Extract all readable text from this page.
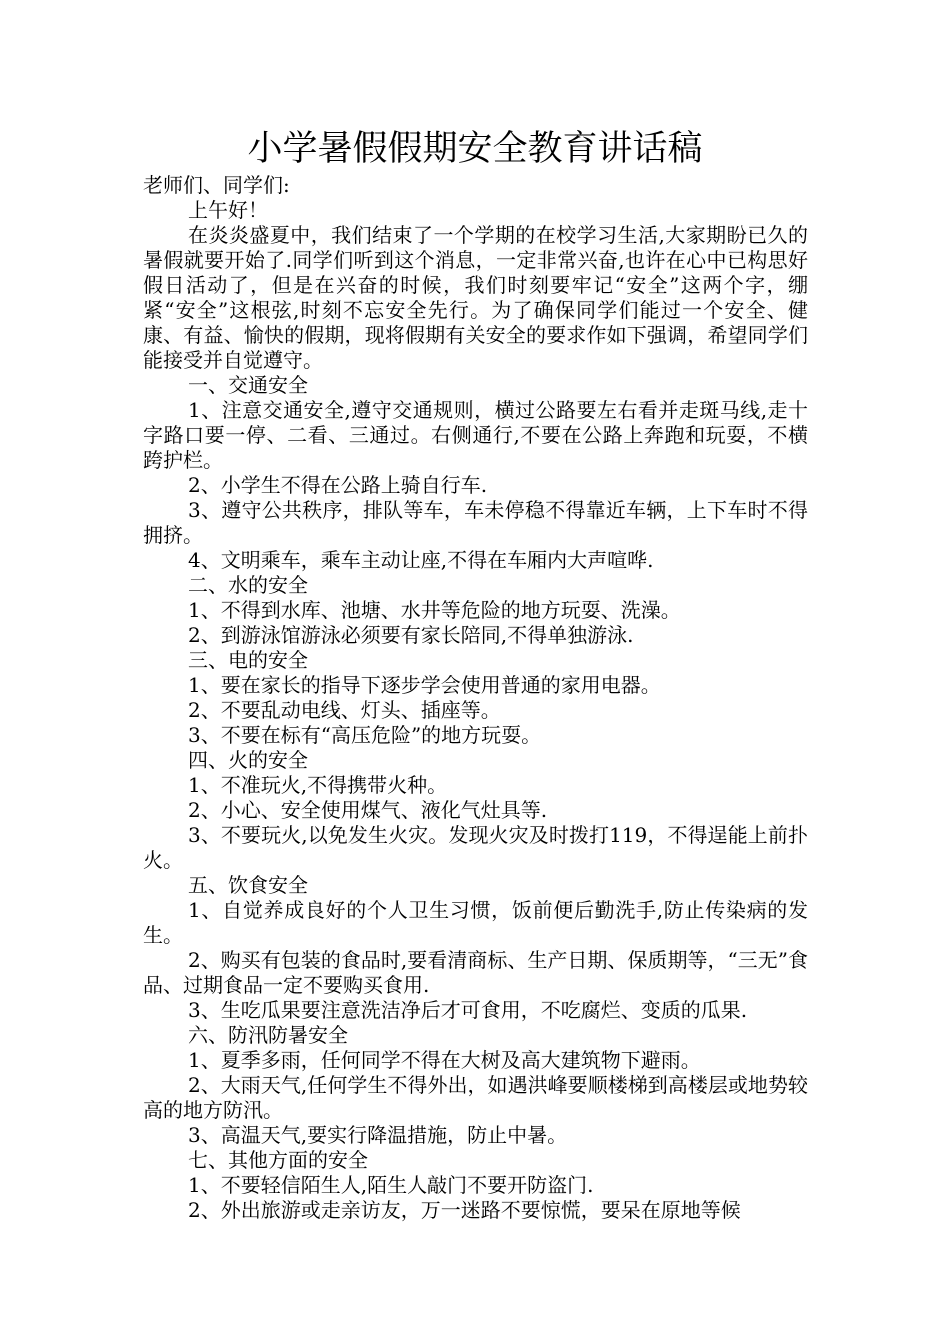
小学暑假假期安全教育讲话稿

老师们、同学们:

上午好！

在炎炎盛夏中，我们结束了一个学期的在校学习生活,大家期盼已久的暑假就要开始了.同学们听到这个消息，一定非常兴奋,也许在心中已构思好假日活动了，但是在兴奋的时候，我们时刻要牢记“安全”这两个字，绷紧“安全”这根弦,时刻不忘安全先行。为了确保同学们能过一个安全、健康、有益、愉快的假期，现将假期有关安全的要求作如下强调，希望同学们能接受并自觉遵守。

一、交通安全

1、注意交通安全,遵守交通规则，横过公路要左右看并走斑马线,走十字路口要一停、二看、三通过。右侧通行,不要在公路上奔跑和玩耍，不横跨护栏。

2、小学生不得在公路上骑自行车.

3、遵守公共秩序，排队等车，车未停稳不得靠近车辆，上下车时不得拥挤。

4、文明乘车，乘车主动让座,不得在车厢内大声喧哗.

二、水的安全

1、不得到水库、池塘、水井等危险的地方玩耍、洗澡。

2、到游泳馆游泳必须要有家长陪同,不得单独游泳.

三、电的安全

1、要在家长的指导下逐步学会使用普通的家用电器。

2、不要乱动电线、灯头、插座等。

3、不要在标有“高压危险”的地方玩耍。

四、火的安全

1、不准玩火,不得携带火种。

2、小心、安全使用煤气、液化气灶具等.

3、不要玩火,以免发生火灾。发现火灾及时拨打119，不得逞能上前扑火。

五、饮食安全

1、自觉养成良好的个人卫生习惯，饭前便后勤洗手,防止传染病的发生。

2、购买有包装的食品时,要看清商标、生产日期、保质期等，“三无”食品、过期食品一定不要购买食用.

3、生吃瓜果要注意洗洁净后才可食用，不吃腐烂、变质的瓜果.

六、防汛防暑安全

1、夏季多雨，任何同学不得在大树及高大建筑物下避雨。

2、大雨天气,任何学生不得外出，如遇洪峰要顺楼梯到高楼层或地势较高的地方防汛。

3、高温天气,要实行降温措施，防止中暑。

七、其他方面的安全

1、不要轻信陌生人,陌生人敲门不要开防盗门.

2、外出旅游或走亲访友，万一迷路不要惊慌，要呆在原地等候
